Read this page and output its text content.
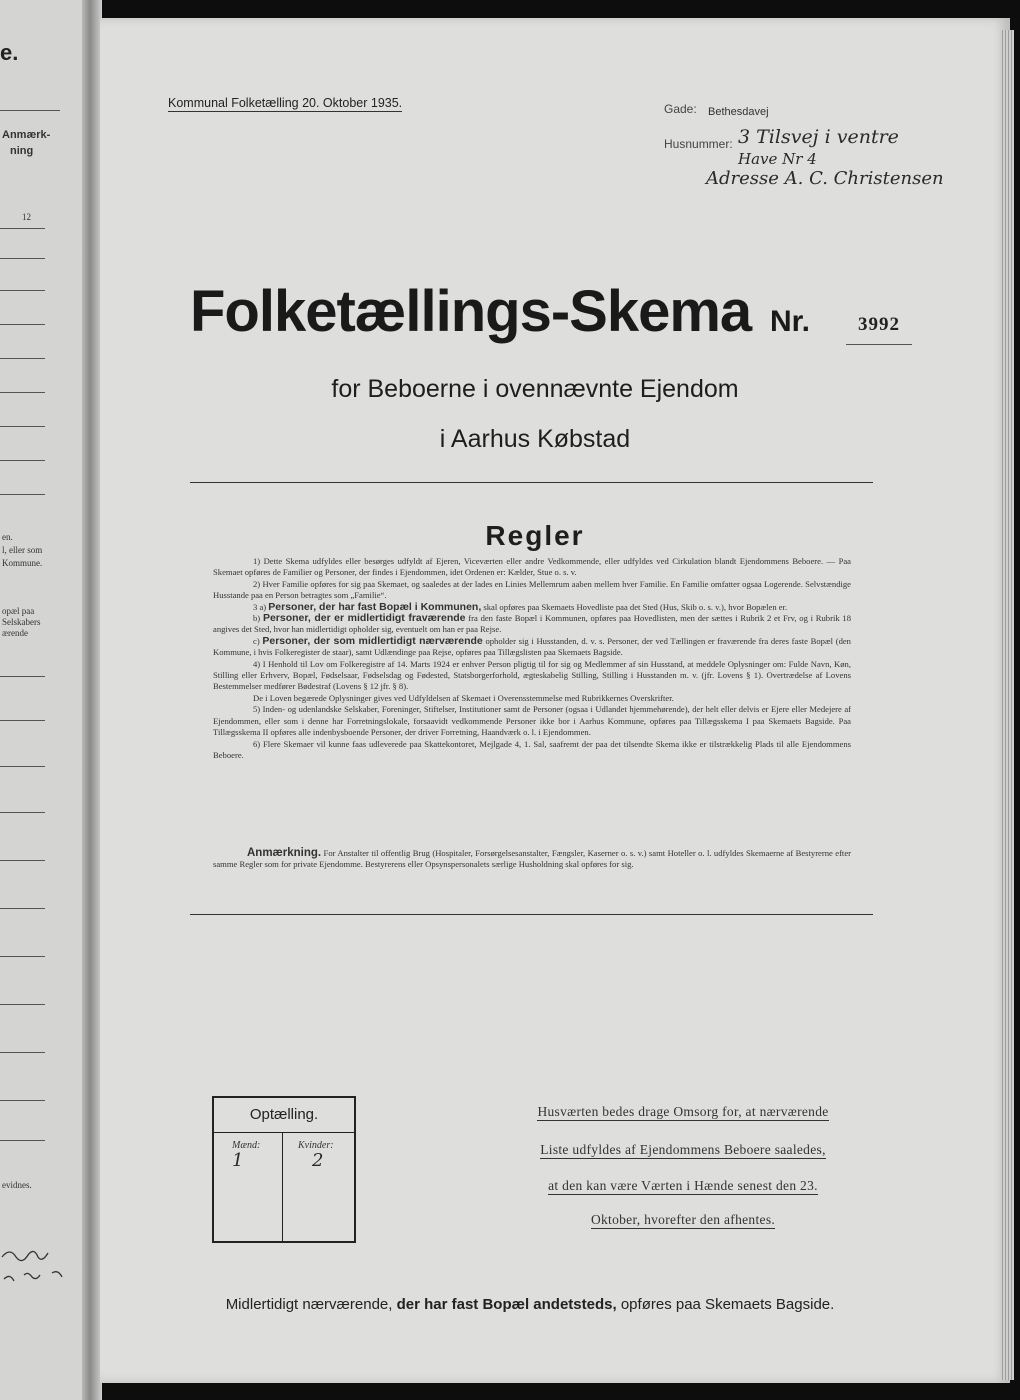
e.
Anmærk-
ning
12
en.
l, eller som
Kommune.
opæl paa
Selskabers
ærende
evidnes.
Kommunal Folketælling 20. Oktober 1935.	Gade: Bethesdavej
Husnummer: 3 Tilsvej i ventre
Have Nr 4
Adresse A. C. Christensen
Folketællings-Skema Nr.	3992
for Beboerne i ovennævnte Ejendom
i Aarhus Købstad
Regler

1) Dette Skema udfyldes eller besørges udfyldt af Ejeren, Viceværten eller andre Vedkommende, eller udfyldes ved Cirkulation blandt Ejendommens Beboere. — Paa Skemaet opføres de Familier og Personer, der findes i Ejendommen, idet Ordenen er: Kælder, Stue o. s. v.

2) Hver Familie opføres for sig paa Skemaet, og saaledes at der lades en Linies Mellemrum aaben mellem hver Familie. En Familie omfatter ogsaa Logerende. Selvstændige Husstande paa en Person betragtes som „Familie“.

3 a) Personer, der har fast Bopæl i Kommunen, skal opføres paa Skemaets Hovedliste paa det Sted (Hus, Skib o. s. v.), hvor Bopælen er.

b) Personer, der er midlertidigt fraværende fra den faste Bopæl i Kommunen, opføres paa Hovedlisten, men der sættes i Rubrik 2 et Frv, og i Rubrik 18 angives det Sted, hvor han midlertidigt opholder sig, eventuelt om han er paa Rejse.

c) Personer, der som midlertidigt nærværende opholder sig i Husstanden, d. v. s. Personer, der ved Tællingen er fraværende fra deres faste Bopæl (den Kommune, i hvis Folkeregister de staar), samt Udlændinge paa Rejse, opføres paa Tillægslisten paa Skemaets Bagside.

4) I Henhold til Lov om Folkeregistre af 14. Marts 1924 er enhver Person pligtig til for sig og Medlemmer af sin Husstand, at meddele Oplysninger om: Fulde Navn, Køn, Stilling eller Erhverv, Bopæl, Fødselsaar, Fødselsdag og Fødested, Statsborgerforhold, ægteskabelig Stilling, Stilling i Husstanden m. v. (jfr. Lovens § 1). Overtrædelse af Lovens Bestemmelser medfører Bødestraf (Lovens § 12 jfr. § 8).

De i Loven begærede Oplysninger gives ved Udfyldelsen af Skemaet i Overensstemmelse med Rubrikkernes Overskrifter.

5) Inden- og udenlandske Selskaber, Foreninger, Stiftelser, Institutioner samt de Personer (ogsaa i Udlandet hjemmehørende), der helt eller delvis er Ejere eller Medejere af Ejendommen, eller som i denne har Forretningslokale, forsaavidt vedkommende Personer ikke bor i Aarhus Kommune, opføres paa Tillægsskema I paa Skemaets Bagside. Paa Tillægsskema II opføres alle indenbysboende Personer, der driver Forretning, Haandværk o. l. i Ejendommen.

6) Flere Skemaer vil kunne faas udleverede paa Skattekontoret, Mejlgade 4, 1. Sal, saafremt der paa det tilsendte Skema ikke er tilstrækkelig Plads til alle Ejendommens Beboere.

Anmærkning. For Anstalter til offentlig Brug (Hospitaler, Forsørgelsesanstalter, Fængsler, Kaserner o. s. v.) samt Hoteller o. l. udfyldes Skemaerne af Bestyrerne efter samme Regler som for private Ejendomme. Bestyrerens eller Opsynspersonalets særlige Husholdning skal opføres for sig.

Optælling.
Mænd:	Kvinder:
1	2
Husværten bedes drage Omsorg for, at nærværende
Liste udfyldes af Ejendommens Beboere saaledes,
at den kan være Værten i Hænde senest den 23.
Oktober, hvorefter den afhentes.
Midlertidigt nærværende, der har fast Bopæl andetsteds, opføres paa Skemaets Bagside.
